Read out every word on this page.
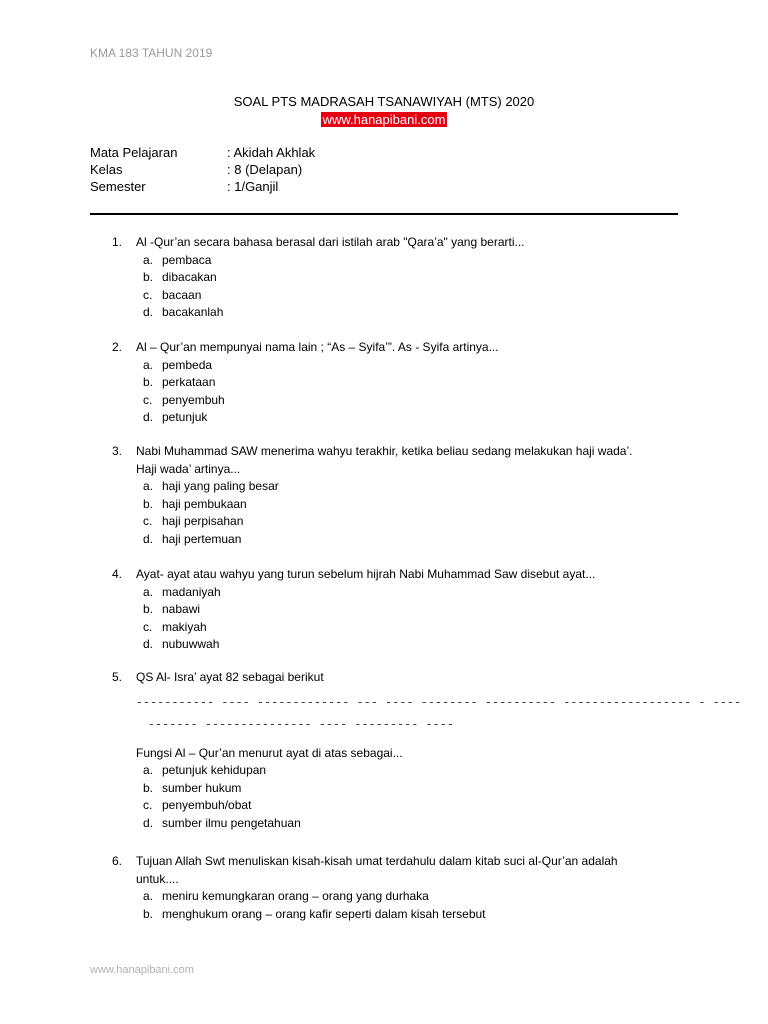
KMA 183 TAHUN 2019
SOAL PTS MADRASAH TSANAWIYAH (MTS) 2020
www.hanapibani.com
Mata Pelajaran	: Akidah Akhlak
Kelas	: 8 (Delapan)
Semester	: 1/Ganjil
1.	Al -Qur’an secara bahasa berasal dari istilah arab "Qara’a" yang berarti...
a. pembaca
b. dibacakan
c. bacaan
d. bacakanlah
2.	Al – Qur’an mempunyai nama lain ; “As – Syifa’”. As - Syifa artinya...
a. pembeda
b. perkataan
c. penyembuh
d. petunjuk
3.	Nabi Muhammad SAW menerima wahyu terakhir, ketika beliau sedang melakukan haji wada’.
Haji wada’ artinya...
a. haji yang paling besar
b. haji pembukaan
c. haji perpisahan
d. haji pertemuan
4.	Ayat- ayat atau wahyu yang turun sebelum hijrah Nabi Muhammad Saw disebut ayat...
a. madaniyah
b. nabawi
c. makiyah
d. nubuwwah
5.	QS Al- Isra’ ayat 82 sebagai berikut
ˍˍˍˍˍˍˍˍˍˍˍ ˍˍˍˍ ˍˍˍˍˍˍˍˍˍˍˍˍˍ ˍˍˍ ˍˍˍˍ ˍˍˍˍˍˍˍˍ ˍˍˍˍˍˍˍˍˍˍ ˍˍˍˍˍˍˍˍˍˍˍˍˍˍˍˍˍˍ ˍ ˍˍˍˍ
ˍˍˍˍˍˍˍ ˍˍˍˍˍˍˍˍˍˍˍˍˍˍˍ ˍˍˍˍ ˍˍˍˍˍˍˍˍˍ ˍˍˍˍ
Fungsi Al – Qur’an menurut ayat di atas sebagai...
a. petunjuk kehidupan
b. sumber hukum
c. penyembuh/obat
d. sumber ilmu pengetahuan
6.	Tujuan Allah Swt menuliskan kisah-kisah umat terdahulu dalam kitab suci al-Qur’an adalah
untuk....
a. meniru kemungkaran orang – orang yang durhaka
b. menghukum orang – orang kafir seperti dalam kisah tersebut
www.hanapibani.com
